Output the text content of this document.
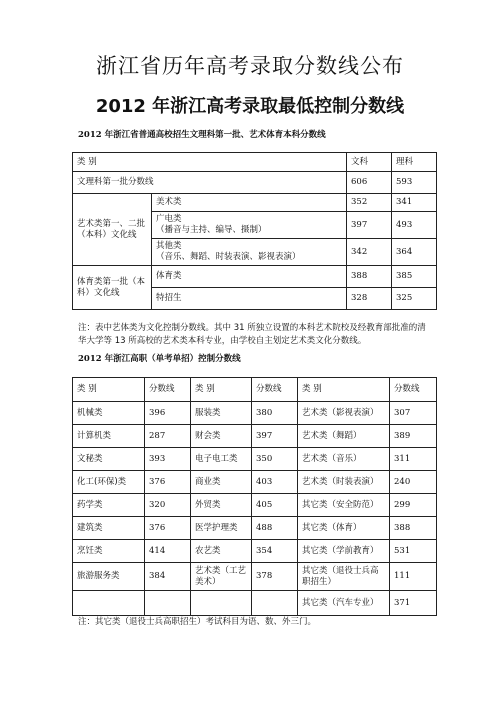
浙江省历年高考录取分数线公布
2012 年浙江高考录取最低控制分数线
2012 年浙江省普通高校招生文理科第一批、艺术体育本科分数线
类 别		文科	理科
文理科第一批分数线		606	593
艺术类第一、二批（本科）文化线	美术类	352	341

	广电类
（播音与主持、编导、摄制）	397	493

	其他类
（音乐、舞蹈、时装表演、影视表演）	342	364
体育类第一批（本科）文化线	体育类	388	385
	特招生	328	325
注：表中艺体类为文化控制分数线。其中 31 所独立设置的本科艺术院校及经教育部批准的清华大学等 13 所高校的艺术类本科专业，由学校自主划定艺术类文化分数线。
2012 年浙江高职（单考单招）控制分数线
类 别	分数线	类 别	分数线	类 别	分数线
机械类	396	服装类	380	艺术类（影视表演）	307
计算机类	287	财会类	397	艺术类（舞蹈）	389
文秘类	393	电子电工类	350	艺术类（音乐）	311
化工(环保)类	376	商业类	403	艺术类（时装表演）	240
药学类	320	外贸类	405	其它类（安全防范）	299
建筑类	376	医学护理类	488	其它类（体育）	388
烹饪类	414	农艺类	354	其它类（学前教育）	531
旅游服务类	384	艺术类（工艺美术）	378	其它类（退役士兵高职招生）	111
				其它类（汽车专业）	371
注：其它类（退役士兵高职招生）考试科目为语、数、外三门。
